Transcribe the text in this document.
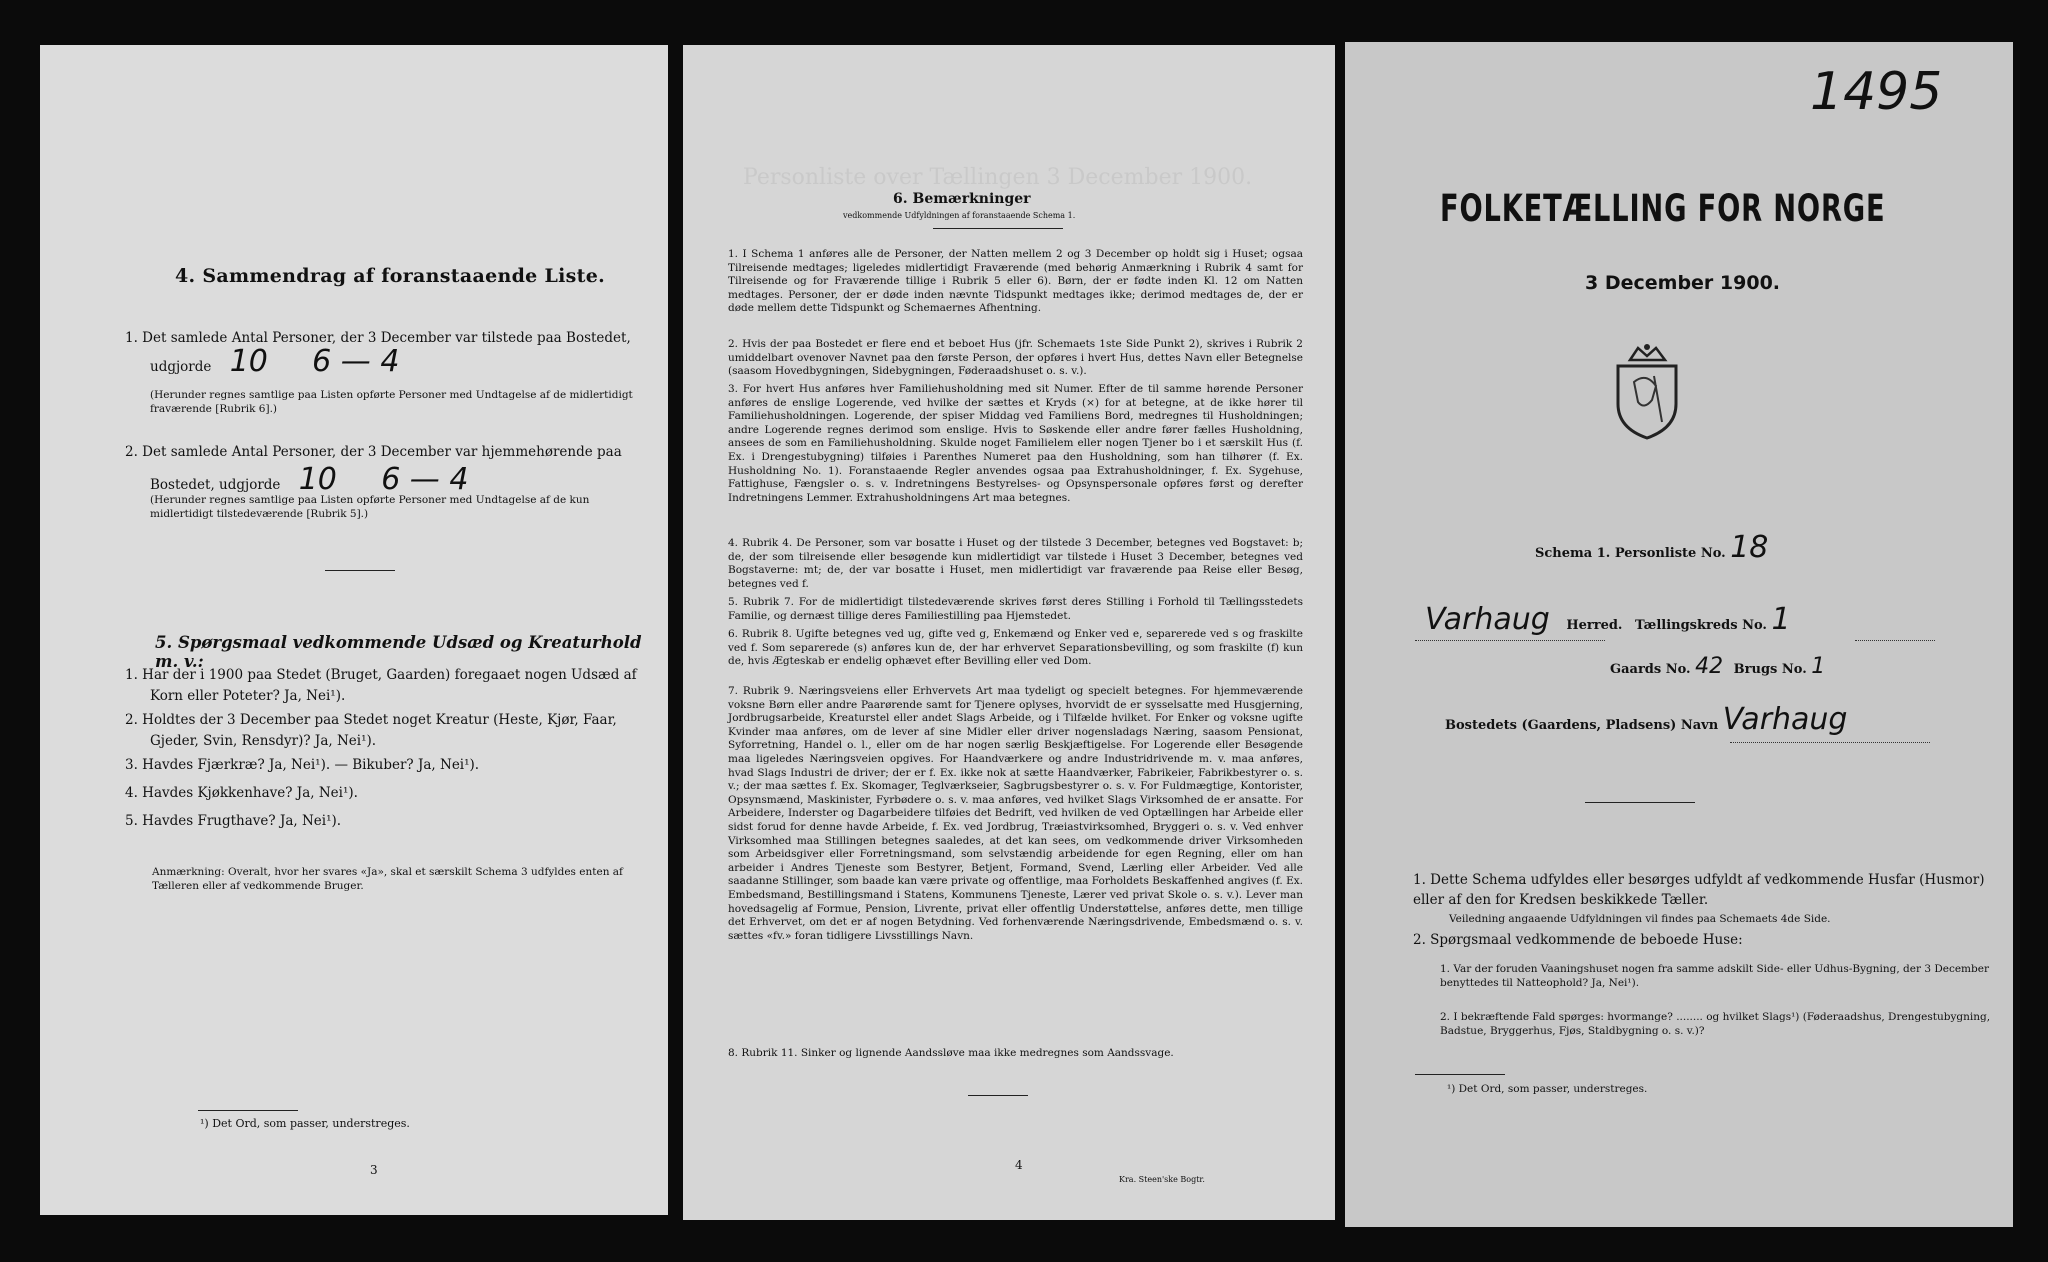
4. Sammendrag af foranstaaende Liste.
1. Det samlede Antal Personer, der 3 December var tilstede paa Bostedet,
udgjorde 10 6 — 4
(Herunder regnes samtlige paa Listen opførte Personer med Undtagelse af de midlertidigt fraværende [Rubrik 6].)
2. Det samlede Antal Personer, der 3 December var hjemmehørende paa
Bostedet, udgjorde 10 6 — 4
(Herunder regnes samtlige paa Listen opførte Personer med Undtagelse af de kun midlertidigt tilstedeværende [Rubrik 5].)
5. Spørgsmaal vedkommende Udsæd og Kreaturhold m. v.:
1. Har der i 1900 paa Stedet (Bruget, Gaarden) foregaaet nogen Udsæd af
Korn eller Poteter? Ja, Nei¹).
2. Holdtes der 3 December paa Stedet noget Kreatur (Heste, Kjør, Faar,
Gjeder, Svin, Rensdyr)? Ja, Nei¹).
3. Havdes Fjærkræ? Ja, Nei¹). — Bikuber? Ja, Nei¹).
4. Havdes Kjøkkenhave? Ja, Nei¹).
5. Havdes Frugthave? Ja, Nei¹).
Anmærkning: Overalt, hvor her svares «Ja», skal et særskilt Schema 3 udfyldes enten af Tælleren eller af vedkommende Bruger.
¹) Det Ord, som passer, understreges.
3
Personliste over Tællingen 3 December 1900.
6. Bemærkninger
vedkommende Udfyldningen af foranstaaende Schema 1.
1. I Schema 1 anføres alle de Personer, der Natten mellem 2 og 3 December op holdt sig i Huset; ogsaa Tilreisende medtages; ligeledes midlertidigt Fraværende (med behørig Anmærkning i Rubrik 4 samt for Tilreisende og for Fraværende tillige i Rubrik 5 eller 6). Børn, der er fødte inden Kl. 12 om Natten medtages. Personer, der er døde inden nævnte Tidspunkt medtages ikke; derimod medtages de, der er døde mellem dette Tidspunkt og Schemaernes Afhentning.
2. Hvis der paa Bostedet er flere end et beboet Hus (jfr. Schemaets 1ste Side Punkt 2), skrives i Rubrik 2 umiddelbart ovenover Navnet paa den første Person, der opføres i hvert Hus, dettes Navn eller Betegnelse (saasom Hovedbygningen, Sidebygningen, Føderaadshuset o. s. v.).
3. For hvert Hus anføres hver Familiehusholdning med sit Numer. Efter de til samme hørende Personer anføres de enslige Logerende, ved hvilke der sættes et Kryds (×) for at betegne, at de ikke hører til Familiehusholdningen. Logerende, der spiser Middag ved Familiens Bord, medregnes til Husholdningen; andre Logerende regnes derimod som enslige. Hvis to Søskende eller andre fører fælles Husholdning, ansees de som en Familiehusholdning. Skulde noget Familielem eller nogen Tjener bo i et særskilt Hus (f. Ex. i Drengestubygning) tilføies i Parenthes Numeret paa den Husholdning, som han tilhører (f. Ex. Husholdning No. 1). Foranstaaende Regler anvendes ogsaa paa Extrahusholdninger, f. Ex. Sygehuse, Fattighuse, Fængsler o. s. v. Indretningens Bestyrelses- og Opsynspersonale opføres først og derefter Indretningens Lemmer. Extrahusholdningens Art maa betegnes.
4. Rubrik 4. De Personer, som var bosatte i Huset og der tilstede 3 December, betegnes ved Bogstavet: b; de, der som tilreisende eller besøgende kun midlertidigt var tilstede i Huset 3 December, betegnes ved Bogstaverne: mt; de, der var bosatte i Huset, men midlertidigt var fraværende paa Reise eller Besøg, betegnes ved f.
5. Rubrik 7. For de midlertidigt tilstedeværende skrives først deres Stilling i Forhold til Tællingsstedets Familie, og dernæst tillige deres Familiestilling paa Hjemstedet.
6. Rubrik 8. Ugifte betegnes ved ug, gifte ved g, Enkemænd og Enker ved e, separerede ved s og fraskilte ved f. Som separerede (s) anføres kun de, der har erhvervet Separationsbevilling, og som fraskilte (f) kun de, hvis Ægteskab er endelig ophævet efter Bevilling eller ved Dom.
7. Rubrik 9. Næringsveiens eller Erhvervets Art maa tydeligt og specielt betegnes. For hjemmeværende voksne Børn eller andre Paarørende samt for Tjenere oplyses, hvorvidt de er sysselsatte med Husgjerning, Jordbrugsarbeide, Kreaturstel eller andet Slags Arbeide, og i Tilfælde hvilket. For Enker og voksne ugifte Kvinder maa anføres, om de lever af sine Midler eller driver nogensladags Næring, saasom Pensionat, Syforretning, Handel o. l., eller om de har nogen særlig Beskjæftigelse. For Logerende eller Besøgende maa ligeledes Næringsveien opgives. For Haandværkere og andre Industridrivende m. v. maa anføres, hvad Slags Industri de driver; der er f. Ex. ikke nok at sætte Haandværker, Fabrikeier, Fabrikbestyrer o. s. v.; der maa sættes f. Ex. Skomager, Teglværkseier, Sagbrugsbestyrer o. s. v. For Fuldmægtige, Kontorister, Opsynsmænd, Maskinister, Fyrbødere o. s. v. maa anføres, ved hvilket Slags Virksomhed de er ansatte. For Arbeidere, Inderster og Dagarbeidere tilføies det Bedrift, ved hvilken de ved Optællingen har Arbeide eller sidst forud for denne havde Arbeide, f. Ex. ved Jordbrug, Træiastvirksomhed, Bryggeri o. s. v. Ved enhver Virksomhed maa Stillingen betegnes saaledes, at det kan sees, om vedkommende driver Virksomheden som Arbeidsgiver eller Forretningsmand, som selvstændig arbeidende for egen Regning, eller om han arbeider i Andres Tjeneste som Bestyrer, Betjent, Formand, Svend, Lærling eller Arbeider. Ved alle saadanne Stillinger, som baade kan være private og offentlige, maa Forholdets Beskaffenhed angives (f. Ex. Embedsmand, Bestillingsmand i Statens, Kommunens Tjeneste, Lærer ved privat Skole o. s. v.). Lever man hovedsagelig af Formue, Pension, Livrente, privat eller offentlig Understøttelse, anføres dette, men tillige det Erhvervet, om det er af nogen Betydning. Ved forhenværende Næringsdrivende, Embedsmænd o. s. v. sættes «fv.» foran tidligere Livsstillings Navn.
8. Rubrik 11. Sinker og lignende Aandssløve maa ikke medregnes som Aandssvage.
4
Kra. Steen'ske Bogtr.
1495
FOLKETÆLLING FOR NORGE
3 December 1900.
Schema 1. Personliste No. 18
Varhaug Herred. Tællingskreds No. 1
Gaards No. 42 Brugs No. 1
Bostedets (Gaardens, Pladsens) Navn Varhaug
1. Dette Schema udfyldes eller besørges udfyldt af vedkommende Husfar (Husmor) eller af den for Kredsen beskikkede Tæller.
Veiledning angaaende Udfyldningen vil findes paa Schemaets 4de Side.
2. Spørgsmaal vedkommende de beboede Huse:
1. Var der foruden Vaaningshuset nogen fra samme adskilt Side- eller Udhus-Bygning, der 3 December benyttedes til Natteophold? Ja, Nei¹).
2. I bekræftende Fald spørges: hvormange? ........ og hvilket Slags¹) (Føderaadshus, Drengestubygning, Badstue, Bryggerhus, Fjøs, Staldbygning o. s. v.)?
¹) Det Ord, som passer, understreges.
